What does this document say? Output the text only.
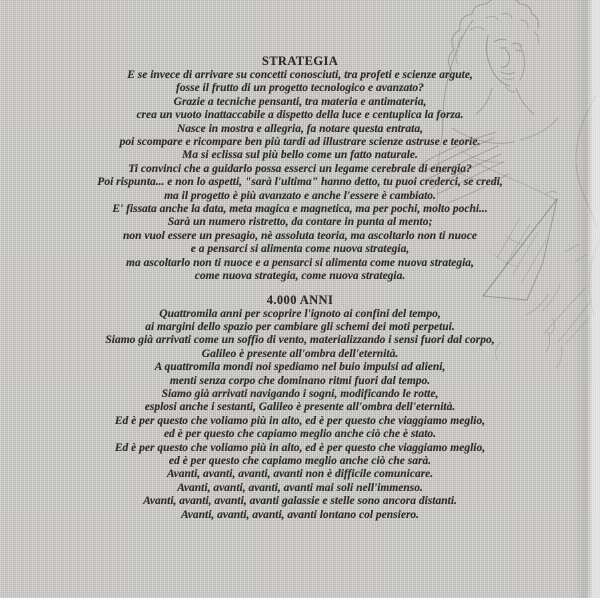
STRATEGIA
E se invece di arrivare su concetti conosciuti, tra profeti e scienze argute,
fosse il frutto di un progetto tecnologico e avanzato?
Grazie a tecniche pensanti, tra materia e antimateria,
crea un vuoto inattaccabile a dispetto della luce e centuplica la forza.
Nasce in mostra e allegria, fa notare questa entrata,
poi scompare e ricompare ben più tardi ad illustrare scienze astruse e teorie.
Ma si eclissa sul più bello come un fatto naturale.
Ti convinci che a guidarlo possa esserci un legame cerebrale di energia?
Poi rispunta... e non lo aspetti, "sarà l'ultima" hanno detto, tu puoi crederci, se credi,
ma il progetto è più avanzato e anche l'essere è cambiato.
E' fissata anche la data, meta magica e magnetica, ma per pochi, molto pochi...
Sarà un numero ristretto, da contare in punta al mento;
non vuol essere un presagio, nè assoluta teoria, ma ascoltarlo non ti nuoce
e a pensarci si alimenta come nuova strategia,
ma ascoltarlo non ti nuoce e a pensarci si alimenta come nuova strategia,
come nuova strategia, come nuova strategia.
4.000 ANNI
Quattromila anni per scoprire l'ignoto ai confini del tempo,
ai margini dello spazio per cambiare gli schemi dei moti perpetui.
Siamo già arrivati come un soffio di vento, materializzando i sensi fuori dal corpo,
Galileo è presente all'ombra dell'eternità.
A quattromila mondi noi spediamo nel buio impulsi ad alieni,
menti senza corpo che dominano ritmi fuori dal tempo.
Siamo già arrivati navigando i sogni, modificando le rotte,
esplosi anche i sestanti, Galileo è presente all'ombra dell'eternità.
Ed è per questo che voliamo più in alto, ed è per questo che viaggiamo meglio,
ed è per questo che capiamo meglio anche ciò che è stato.
Ed è per questo che voliamo più in alto, ed è per questo che viaggiamo meglio,
ed è per questo che capiamo meglio anche ciò che sarà.
Avanti, avanti, avanti, avanti non è difficile comunicare.
Avanti, avanti, avanti, avanti mai soli nell'immenso.
Avanti, avanti, avanti, avanti galassie e stelle sono ancora distanti.
Avanti, avanti, avanti, avanti lontano col pensiero.
